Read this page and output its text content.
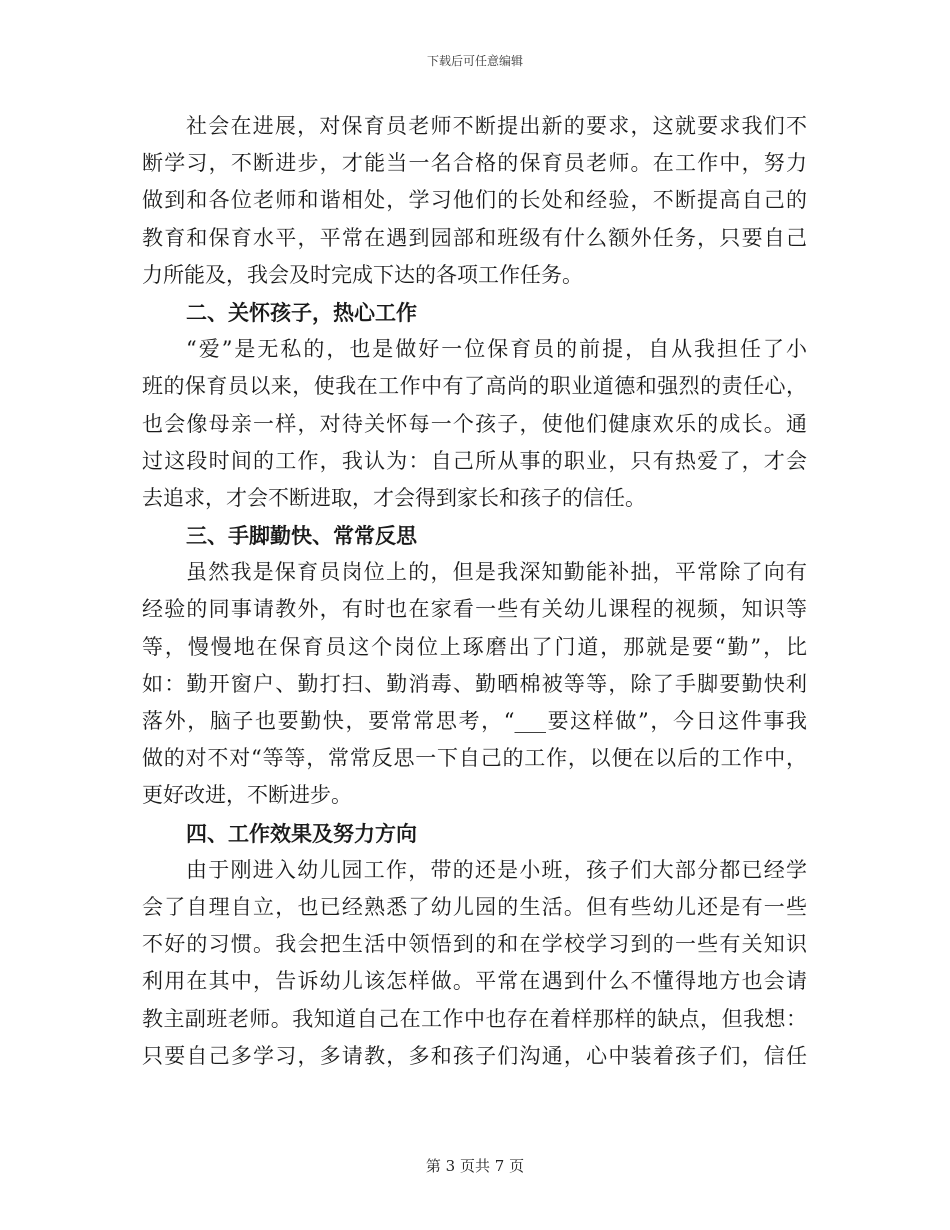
下载后可任意编辑
社会在进展，对保育员老师不断提出新的要求，这就要求我们不
断学习，不断进步，才能当一名合格的保育员老师。在工作中，努力
做到和各位老师和谐相处，学习他们的长处和经验，不断提高自己的
教育和保育水平，平常在遇到园部和班级有什么额外任务，只要自己
力所能及，我会及时完成下达的各项工作任务。
二、关怀孩子，热心工作
“爱”是无私的，也是做好一位保育员的前提，自从我担任了小
班的保育员以来，使我在工作中有了高尚的职业道德和强烈的责任心，
也会像母亲一样，对待关怀每一个孩子，使他们健康欢乐的成长。通
过这段时间的工作，我认为：自己所从事的职业，只有热爱了，才会
去追求，才会不断进取，才会得到家长和孩子的信任。
三、手脚勤快、常常反思
虽然我是保育员岗位上的，但是我深知勤能补拙，平常除了向有
经验的同事请教外，有时也在家看一些有关幼儿课程的视频，知识等
等，慢慢地在保育员这个岗位上琢磨出了门道，那就是要“勤”，比
如：勤开窗户、勤打扫、勤消毒、勤晒棉被等等，除了手脚要勤快利
落外，脑子也要勤快，要常常思考，“___要这样做”，今日这件事我
做的对不对“等等，常常反思一下自己的工作，以便在以后的工作中，
更好改进，不断进步。
四、工作效果及努力方向
由于刚进入幼儿园工作，带的还是小班，孩子们大部分都已经学
会了自理自立，也已经熟悉了幼儿园的生活。但有些幼儿还是有一些
不好的习惯。我会把生活中领悟到的和在学校学习到的一些有关知识
利用在其中，告诉幼儿该怎样做。平常在遇到什么不懂得地方也会请
教主副班老师。我知道自己在工作中也存在着样那样的缺点，但我想：
只要自己多学习，多请教，多和孩子们沟通，心中装着孩子们，信任
第 3 页共 7 页
